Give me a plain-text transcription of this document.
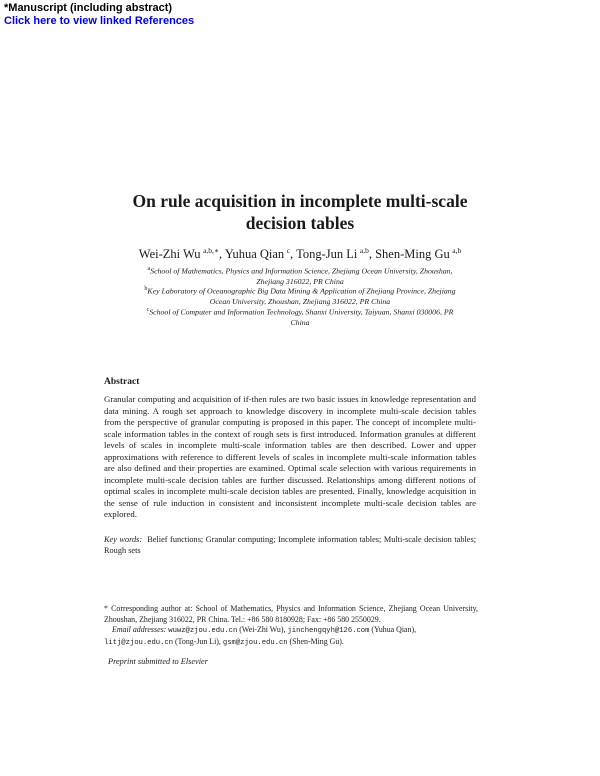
*Manuscript (including abstract)
Click here to view linked References
On rule acquisition in incomplete multi-scale
decision tables
Wei-Zhi Wu  $^{a,b,∗}$, Yuhua Qian  $^c$, Tong-Jun Li  $^{a,b}$, Shen-Ming Gu  $^{a,b}$
$^a$School of Mathematics, Physics and Information Science, Zhejiang Ocean University, Zhoushan,
Zhejiang 316022, PR China
$^b$Key Laboratory of Oceanographic Big Data Mining & Application of Zhejiang Province, Zhejiang
Ocean University, Zhoushan, Zhejiang 316022, PR China
$^c$School of Computer and Information Technology, Shanxi University, Taiyuan, Shanxi 030006, PR
China
Abstract
Granular computing and acquisition of if-then rules are two basic issues in knowledge representation and data mining. A rough set approach to knowledge discovery in incomplete multi-scale decision tables from the perspective of granular computing is proposed in this paper. The concept of incomplete multi-scale information tables in the context of rough sets is first introduced. Information granules at different levels of scales in incomplete multi-scale information tables are then described. Lower and upper approximations with reference to different levels of scales in incomplete multi-scale information tables are also defined and their properties are examined. Optimal scale selection with various requirements in incomplete multi-scale decision tables are further discussed. Relationships among different notions of optimal scales in incomplete multi-scale decision tables are presented. Finally, knowledge acquisition in the sense of rule induction in consistent and inconsistent incomplete multi-scale decision tables are explored.
Key words: Belief functions; Granular computing; Incomplete information tables; Multi-scale decision tables; Rough sets
* Corresponding author at: School of Mathematics, Physics and Information Science, Zhejiang Ocean University, Zhoushan, Zhejiang 316022, PR China. Tel.: +86 580 8180928; Fax: +86 580 2550029.
Email addresses: wuwz@zjou.edu.cn (Wei-Zhi Wu), jinchengqyh@126.com (Yuhua Qian),
litj@zjou.edu.cn (Tong-Jun Li), gsm@zjou.edu.cn (Shen-Ming Gu).
Preprint submitted to Elsevier
